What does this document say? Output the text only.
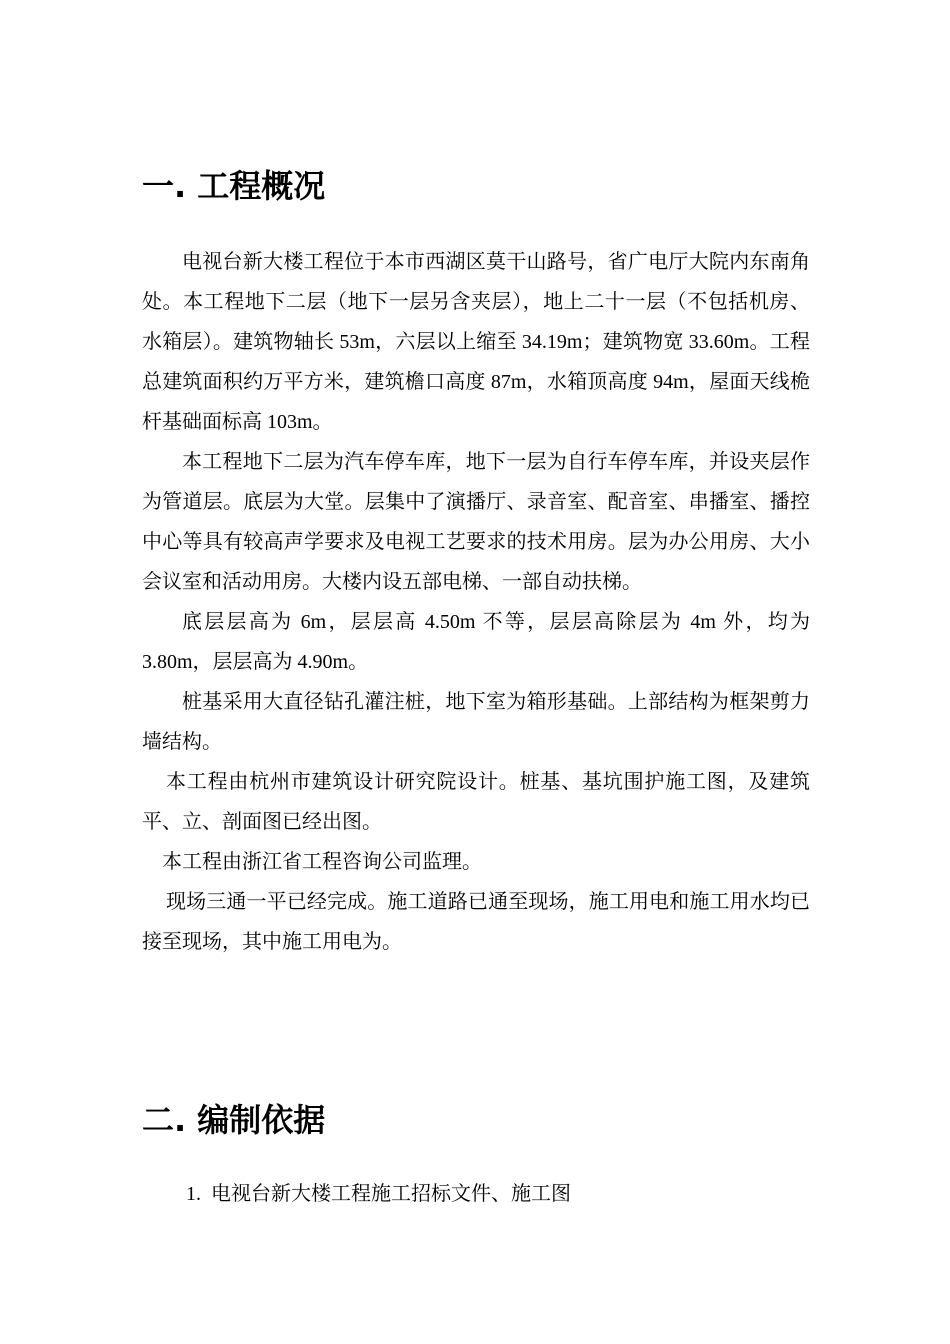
一. 工程概况

电视台新大楼工程位于本市西湖区莫干山路号，省广电厅大院内东南角处。本工程地下二层（地下一层另含夹层），地上二十一层（不包括机房、水箱层）。建筑物轴长 53m，六层以上缩至 34.19m；建筑物宽 33.60m。工程总建筑面积约万平方米，建筑檐口高度 87m，水箱顶高度 94m，屋面天线桅杆基础面标高 103m。

本工程地下二层为汽车停车库，地下一层为自行车停车库，并设夹层作为管道层。底层为大堂。层集中了演播厅、录音室、配音室、串播室、播控中心等具有较高声学要求及电视工艺要求的技术用房。层为办公用房、大小会议室和活动用房。大楼内设五部电梯、一部自动扶梯。

底层层高为 6m，层层高 4.50m 不等，层层高除层为 4m 外，均为 3.80m，层层高为 4.90m。

桩基采用大直径钻孔灌注桩，地下室为箱形基础。上部结构为框架剪力墙结构。

本工程由杭州市建筑设计研究院设计。桩基、基坑围护施工图，及建筑平、立、剖面图已经出图。

本工程由浙江省工程咨询公司监理。

现场三通一平已经完成。施工道路已通至现场，施工用电和施工用水均已接至现场，其中施工用电为。

二. 编制依据

1. 电视台新大楼工程施工招标文件、施工图
